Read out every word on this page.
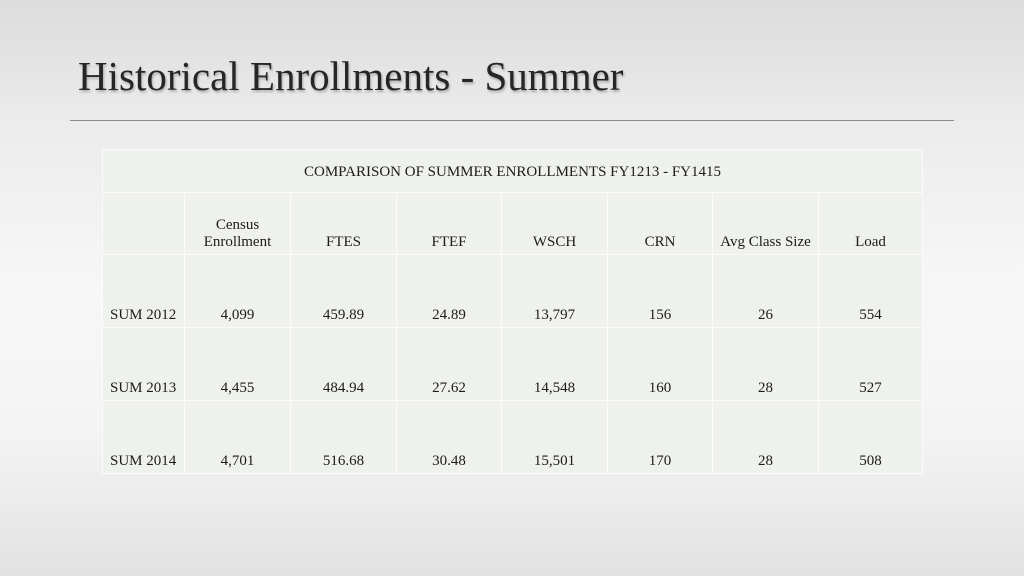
Historical Enrollments - Summer
COMPARISON OF SUMMER ENROLLMENTS FY1213 - FY1415							
	Census Enrollment	FTES	FTEF	WSCH	CRN	Avg Class Size	Load
SUM 2012	4,099	459.89	24.89	13,797	156	26	554
SUM 2013	4,455	484.94	27.62	14,548	160	28	527
SUM 2014	4,701	516.68	30.48	15,501	170	28	508
